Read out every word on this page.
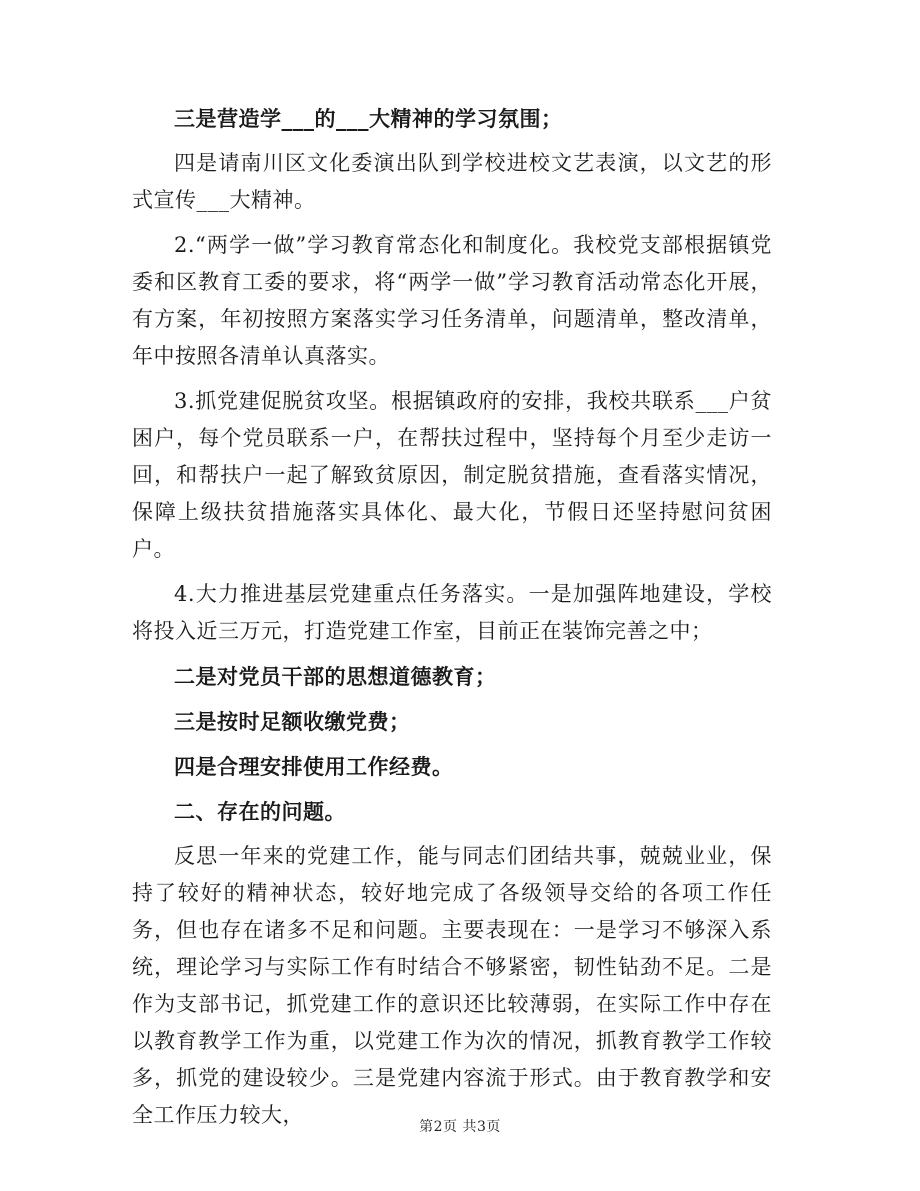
三是营造学___的___大精神的学习氛围；

四是请南川区文化委演出队到学校进校文艺表演，以文艺的形式宣传___大精神。

2.“两学一做”学习教育常态化和制度化。我校党支部根据镇党委和区教育工委的要求，将“两学一做”学习教育活动常态化开展，有方案，年初按照方案落实学习任务清单，问题清单，整改清单，年中按照各清单认真落实。

3.抓党建促脱贫攻坚。根据镇政府的安排，我校共联系___户贫困户，每个党员联系一户，在帮扶过程中，坚持每个月至少走访一回，和帮扶户一起了解致贫原因，制定脱贫措施，查看落实情况，保障上级扶贫措施落实具体化、最大化，节假日还坚持慰问贫困户。

4.大力推进基层党建重点任务落实。一是加强阵地建设，学校将投入近三万元，打造党建工作室，目前正在装饰完善之中；

二是对党员干部的思想道德教育；

三是按时足额收缴党费；

四是合理安排使用工作经费。

二、存在的问题。

反思一年来的党建工作，能与同志们团结共事，兢兢业业，保持了较好的精神状态，较好地完成了各级领导交给的各项工作任务，但也存在诸多不足和问题。主要表现在：一是学习不够深入系统，理论学习与实际工作有时结合不够紧密，韧性钻劲不足。二是作为支部书记，抓党建工作的意识还比较薄弱，在实际工作中存在以教育教学工作为重，以党建工作为次的情况，抓教育教学工作较多，抓党的建设较少。三是党建内容流于形式。由于教育教学和安全工作压力较大，	第2页 共3页
